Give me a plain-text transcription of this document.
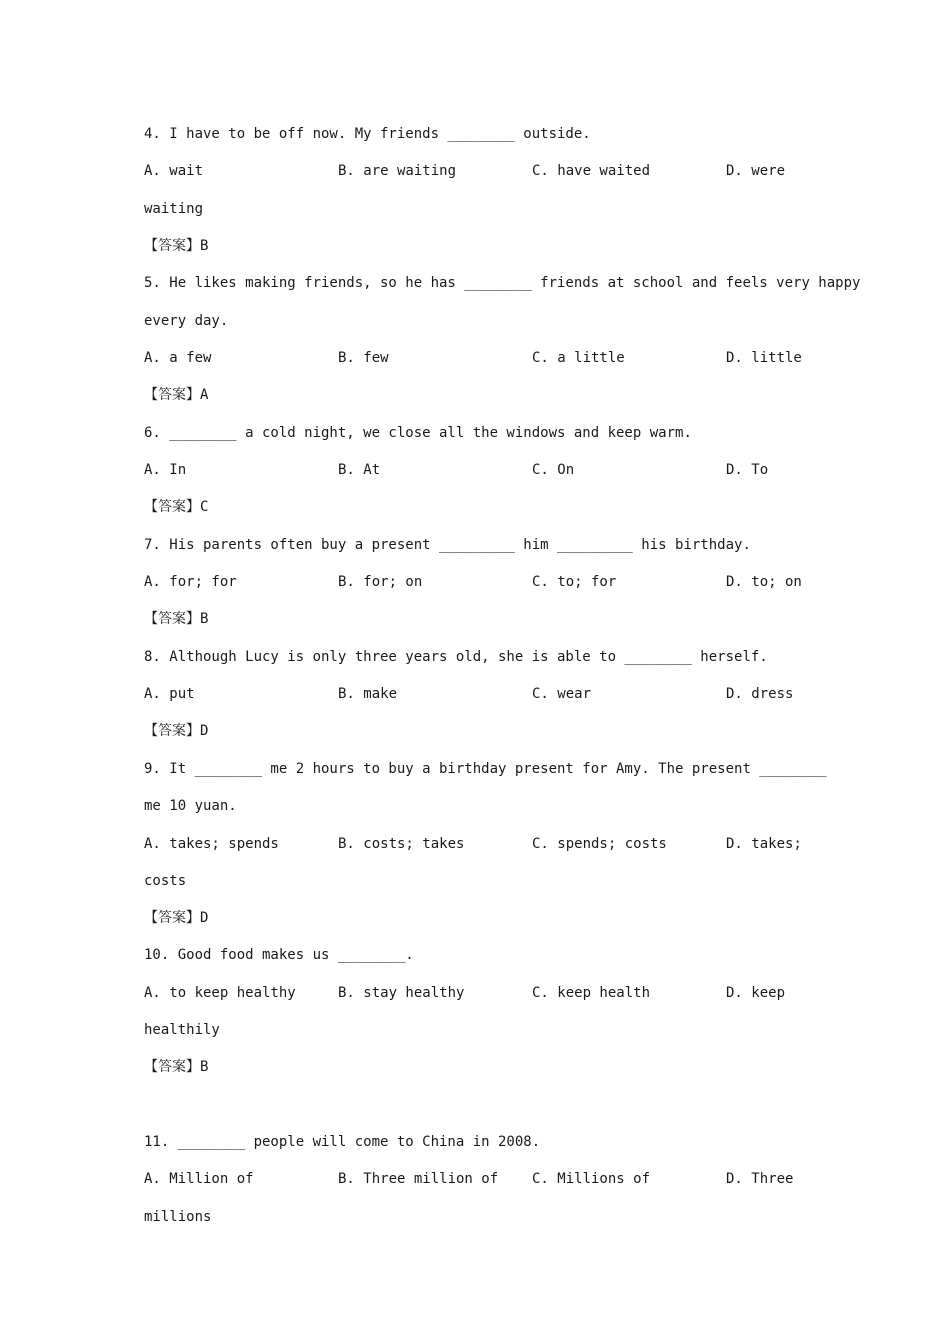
4. I have to be off now. My friends ________ outside.
A. wait	B. are waiting	C. have waited	D. were
waiting
【答案】B
5. He likes making friends, so he has ________ friends at school and feels very happy
every day.
A. a few	B. few	C. a little	D. little
【答案】A
6. ________ a cold night, we close all the windows and keep warm.
A. In	B. At	C. On	D. To
【答案】C
7. His parents often buy a present _________ him _________ his birthday.
A. for; for	B. for; on	C. to; for	D. to; on
【答案】B
8. Although Lucy is only three years old, she is able to ________ herself.
A. put	B. make	C. wear	D. dress
【答案】D
9. It ________ me 2 hours to buy a birthday present for Amy. The present ________
me 10 yuan.
A. takes; spends	B. costs; takes	C. spends; costs	D. takes;
costs
【答案】D
10. Good food makes us ________.
A. to keep healthy	B. stay healthy	C. keep health	D. keep
healthily
【答案】B
11. ________ people will come to China in 2008.
A. Million of	B. Three million of C. Millions of	D. Three
millions
